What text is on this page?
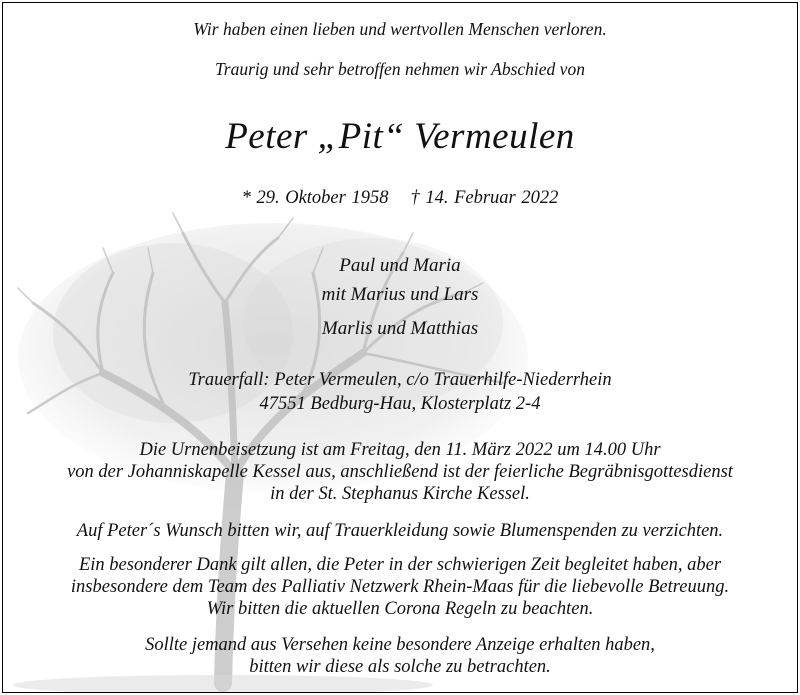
Wir haben einen lieben und wertvollen Menschen verloren.
Traurig und sehr betroffen nehmen wir Abschied von
Peter „Pit“ Vermeulen
* 29. Oktober 1958 † 14. Februar 2022
Paul und Maria
mit Marius und Lars
Marlis und Matthias
Trauerfall: Peter Vermeulen, c/o Trauerhilfe-Niederrhein
47551 Bedburg-Hau, Klosterplatz 2-4
Die Urnenbeisetzung ist am Freitag, den 11. März 2022 um 14.00 Uhr
von der Johanniskapelle Kessel aus, anschließend ist der feierliche Begräbnisgottesdienst
in der St. Stephanus Kirche Kessel.
Auf Peter´s Wunsch bitten wir, auf Trauerkleidung sowie Blumenspenden zu verzichten.
Ein besonderer Dank gilt allen, die Peter in der schwierigen Zeit begleitet haben, aber
insbesondere dem Team des Palliativ Netzwerk Rhein-Maas für die liebevolle Betreuung.
Wir bitten die aktuellen Corona Regeln zu beachten.
Sollte jemand aus Versehen keine besondere Anzeige erhalten haben,
bitten wir diese als solche zu betrachten.
